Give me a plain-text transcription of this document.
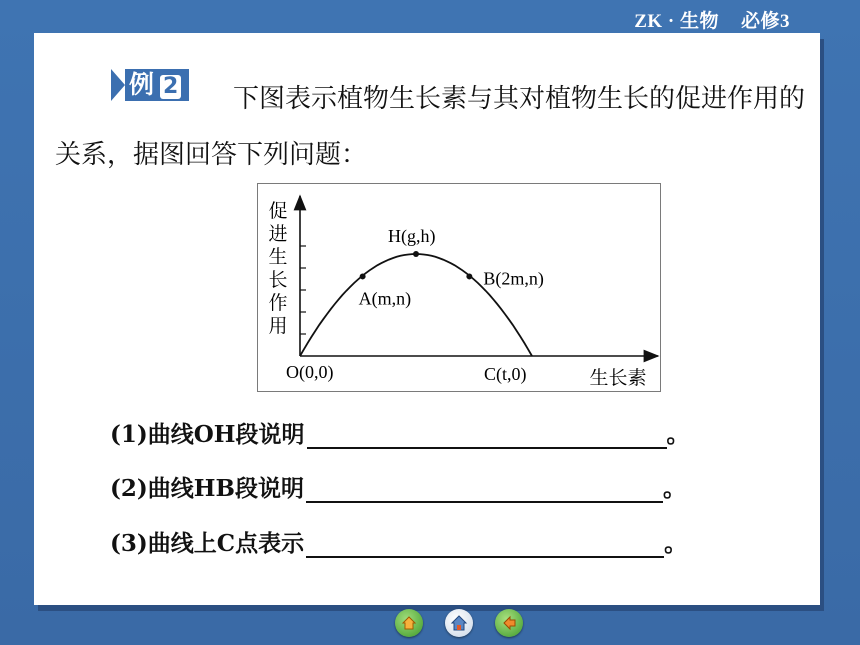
ZK · 生物 必修3
例 2	下图表示植物生长素与其对植物生长的促进作用的关系，据图回答下列问题：
促
进
生
长
作
用
O(0,0)
A(m,n)
H(g,h)
B(2m,n)
C(t,0)	生长素
(1)曲线OH段说明	。
(2)曲线HB段说明	。
(3)曲线上C点表示	。
